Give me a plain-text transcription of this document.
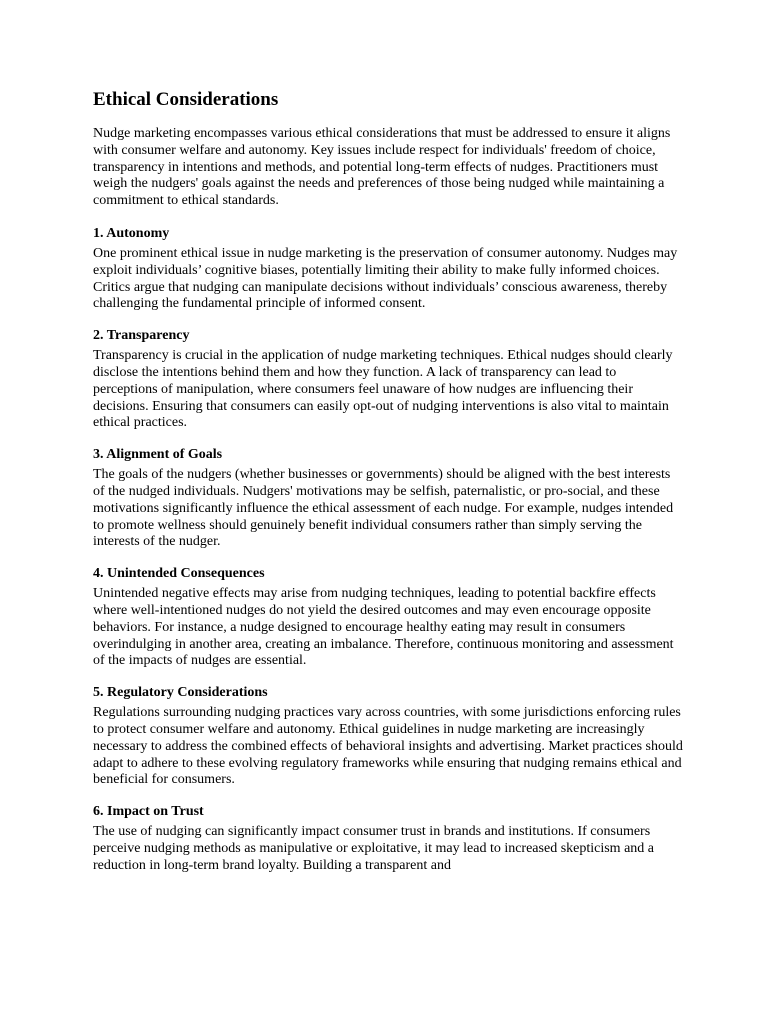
Ethical Considerations

Nudge marketing encompasses various ethical considerations that must be addressed to ensure it aligns with consumer welfare and autonomy. Key issues include respect for individuals' freedom of choice, transparency in intentions and methods, and potential long-term effects of nudges. Practitioners must weigh the nudgers' goals against the needs and preferences of those being nudged while maintaining a commitment to ethical standards.

1. Autonomy

One prominent ethical issue in nudge marketing is the preservation of consumer autonomy. Nudges may exploit individuals’ cognitive biases, potentially limiting their ability to make fully informed choices. Critics argue that nudging can manipulate decisions without individuals’ conscious awareness, thereby challenging the fundamental principle of informed consent.

2. Transparency

Transparency is crucial in the application of nudge marketing techniques. Ethical nudges should clearly disclose the intentions behind them and how they function. A lack of transparency can lead to perceptions of manipulation, where consumers feel unaware of how nudges are influencing their decisions. Ensuring that consumers can easily opt-out of nudging interventions is also vital to maintain ethical practices.

3. Alignment of Goals

The goals of the nudgers (whether businesses or governments) should be aligned with the best interests of the nudged individuals. Nudgers' motivations may be selfish, paternalistic, or pro-social, and these motivations significantly influence the ethical assessment of each nudge. For example, nudges intended to promote wellness should genuinely benefit individual consumers rather than simply serving the interests of the nudger.

4. Unintended Consequences

Unintended negative effects may arise from nudging techniques, leading to potential backfire effects where well-intentioned nudges do not yield the desired outcomes and may even encourage opposite behaviors. For instance, a nudge designed to encourage healthy eating may result in consumers overindulging in another area, creating an imbalance. Therefore, continuous monitoring and assessment of the impacts of nudges are essential.

5. Regulatory Considerations

Regulations surrounding nudging practices vary across countries, with some jurisdictions enforcing rules to protect consumer welfare and autonomy. Ethical guidelines in nudge marketing are increasingly necessary to address the combined effects of behavioral insights and advertising. Market practices should adapt to adhere to these evolving regulatory frameworks while ensuring that nudging remains ethical and beneficial for consumers.

6. Impact on Trust

The use of nudging can significantly impact consumer trust in brands and institutions. If consumers perceive nudging methods as manipulative or exploitative, it may lead to increased skepticism and a reduction in long-term brand loyalty. Building a transparent and
